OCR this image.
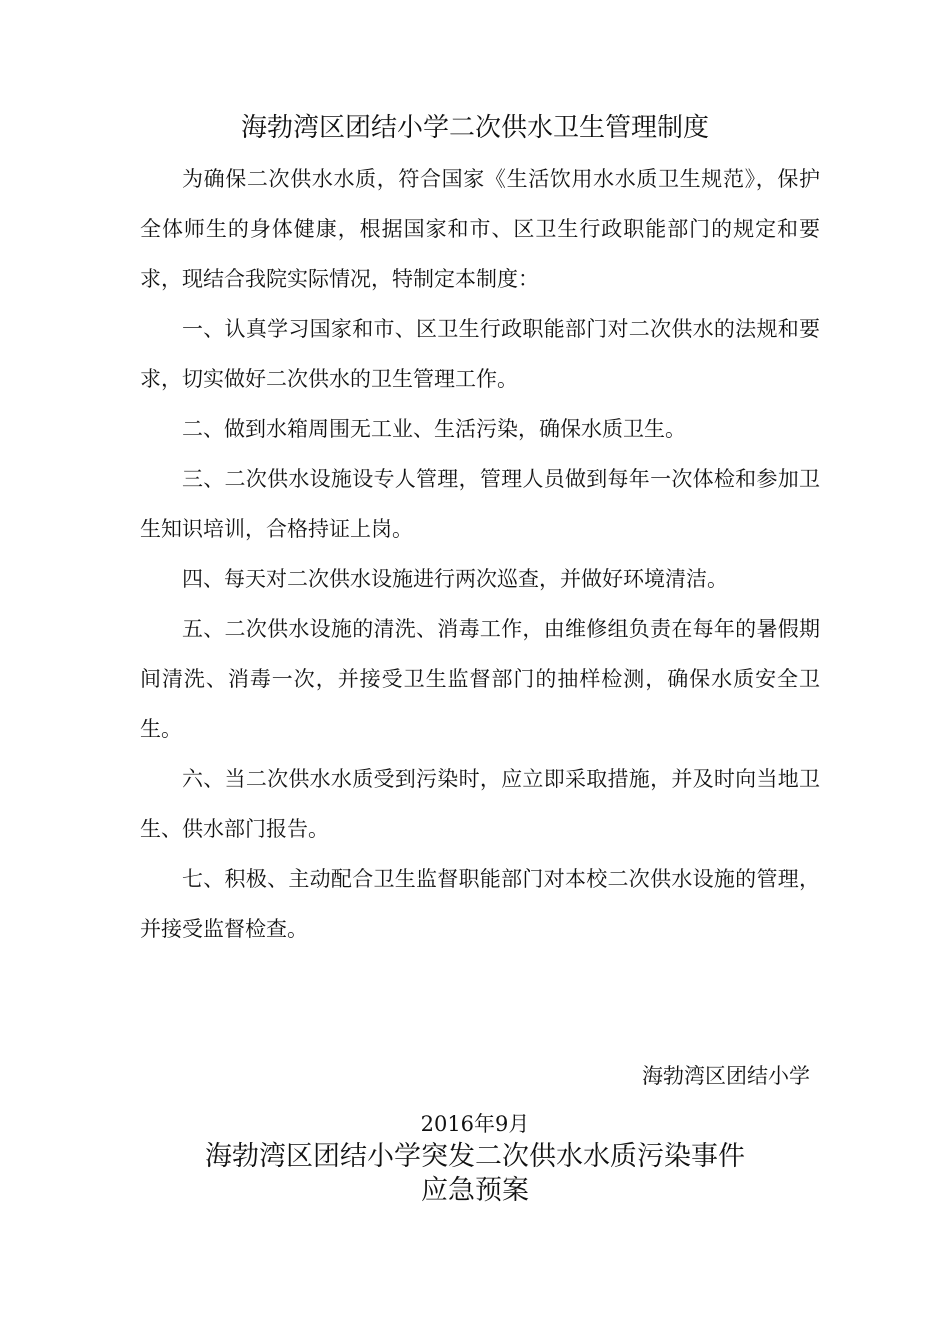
海勃湾区团结小学二次供水卫生管理制度

为确保二次供水水质，符合国家《生活饮用水水质卫生规范》，保护全体师生的身体健康，根据国家和市、区卫生行政职能部门的规定和要求，现结合我院实际情况，特制定本制度：

一、认真学习国家和市、区卫生行政职能部门对二次供水的法规和要求，切实做好二次供水的卫生管理工作。

二、做到水箱周围无工业、生活污染，确保水质卫生。

三、二次供水设施设专人管理，管理人员做到每年一次体检和参加卫生知识培训，合格持证上岗。

四、每天对二次供水设施进行两次巡查，并做好环境清洁。

五、二次供水设施的清洗、消毒工作，由维修组负责在每年的暑假期间清洗、消毒一次，并接受卫生监督部门的抽样检测，确保水质安全卫生。

六、当二次供水水质受到污染时，应立即采取措施，并及时向当地卫生、供水部门报告。

七、积极、主动配合卫生监督职能部门对本校二次供水设施的管理，并接受监督检查。

海勃湾区团结小学
2016年9月
海勃湾区团结小学突发二次供水水质污染事件
应急预案
